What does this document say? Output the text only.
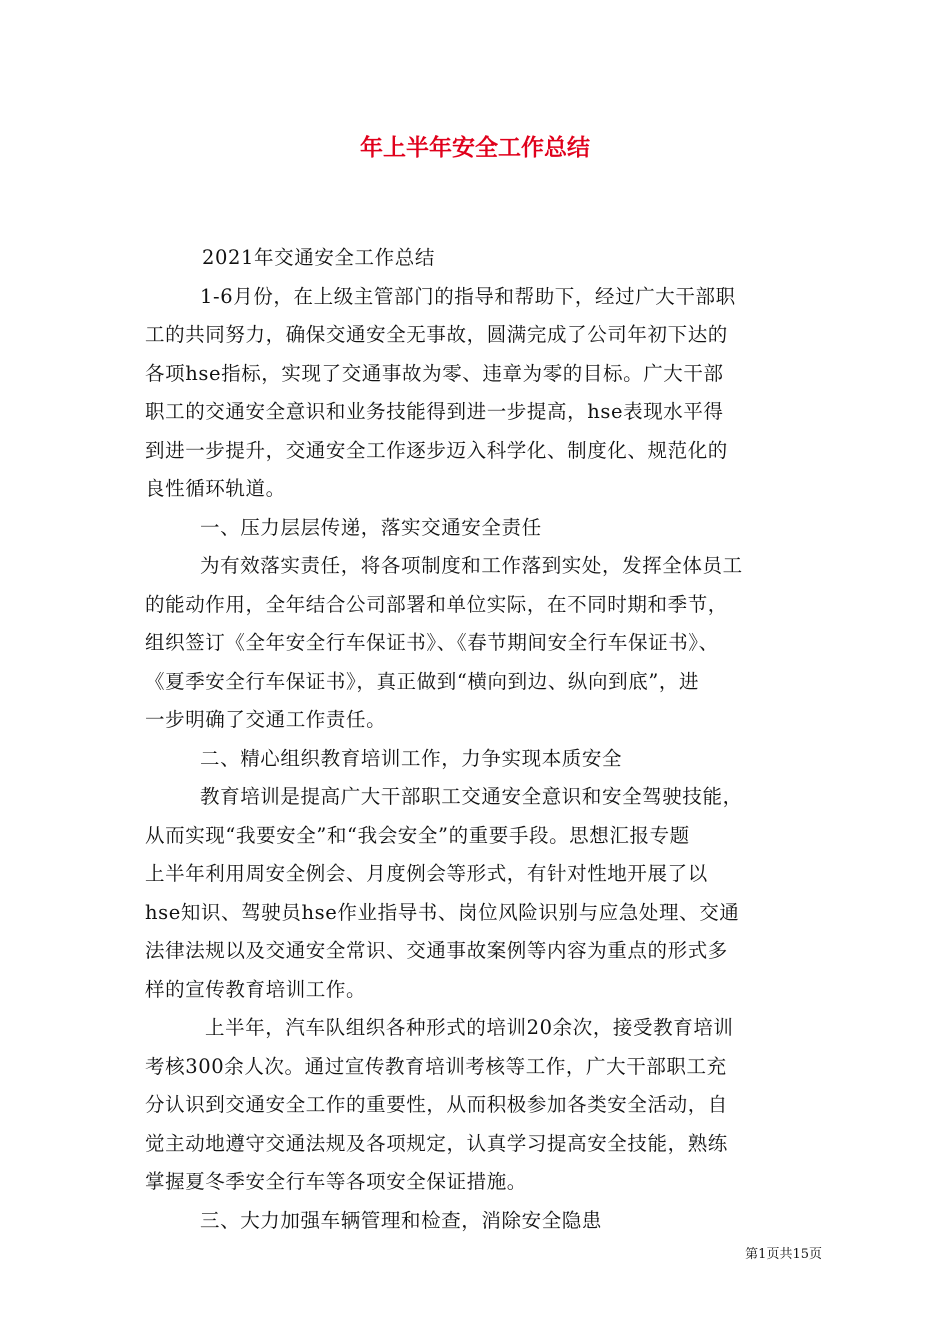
年上半年安全工作总结
2021年交通安全工作总结
1-6月份，在上级主管部门的指导和帮助下，经过广大干部职
工的共同努力，确保交通安全无事故，圆满完成了公司年初下达的
各项hse指标，实现了交通事故为零、违章为零的目标。广大干部
职工的交通安全意识和业务技能得到进一步提高，hse表现水平得
到进一步提升，交通安全工作逐步迈入科学化、制度化、规范化的
良性循环轨道。
一、压力层层传递，落实交通安全责任
为有效落实责任，将各项制度和工作落到实处，发挥全体员工
的能动作用，全年结合公司部署和单位实际，在不同时期和季节，
组织签订《全年安全行车保证书》、《春节期间安全行车保证书》、
《夏季安全行车保证书》，真正做到“横向到边、纵向到底”，进
一步明确了交通工作责任。
二、精心组织教育培训工作，力争实现本质安全
教育培训是提高广大干部职工交通安全意识和安全驾驶技能，
从而实现“我要安全”和“我会安全”的重要手段。思想汇报专题
上半年利用周安全例会、月度例会等形式，有针对性地开展了以
hse知识、驾驶员hse作业指导书、岗位风险识别与应急处理、交通
法律法规以及交通安全常识、交通事故案例等内容为重点的形式多
样的宣传教育培训工作。
上半年，汽车队组织各种形式的培训20余次，接受教育培训
考核300余人次。通过宣传教育培训考核等工作，广大干部职工充
分认识到交通安全工作的重要性，从而积极参加各类安全活动，自
觉主动地遵守交通法规及各项规定，认真学习提高安全技能，熟练
掌握夏冬季安全行车等各项安全保证措施。
三、大力加强车辆管理和检查，消除安全隐患
第1页共15页
